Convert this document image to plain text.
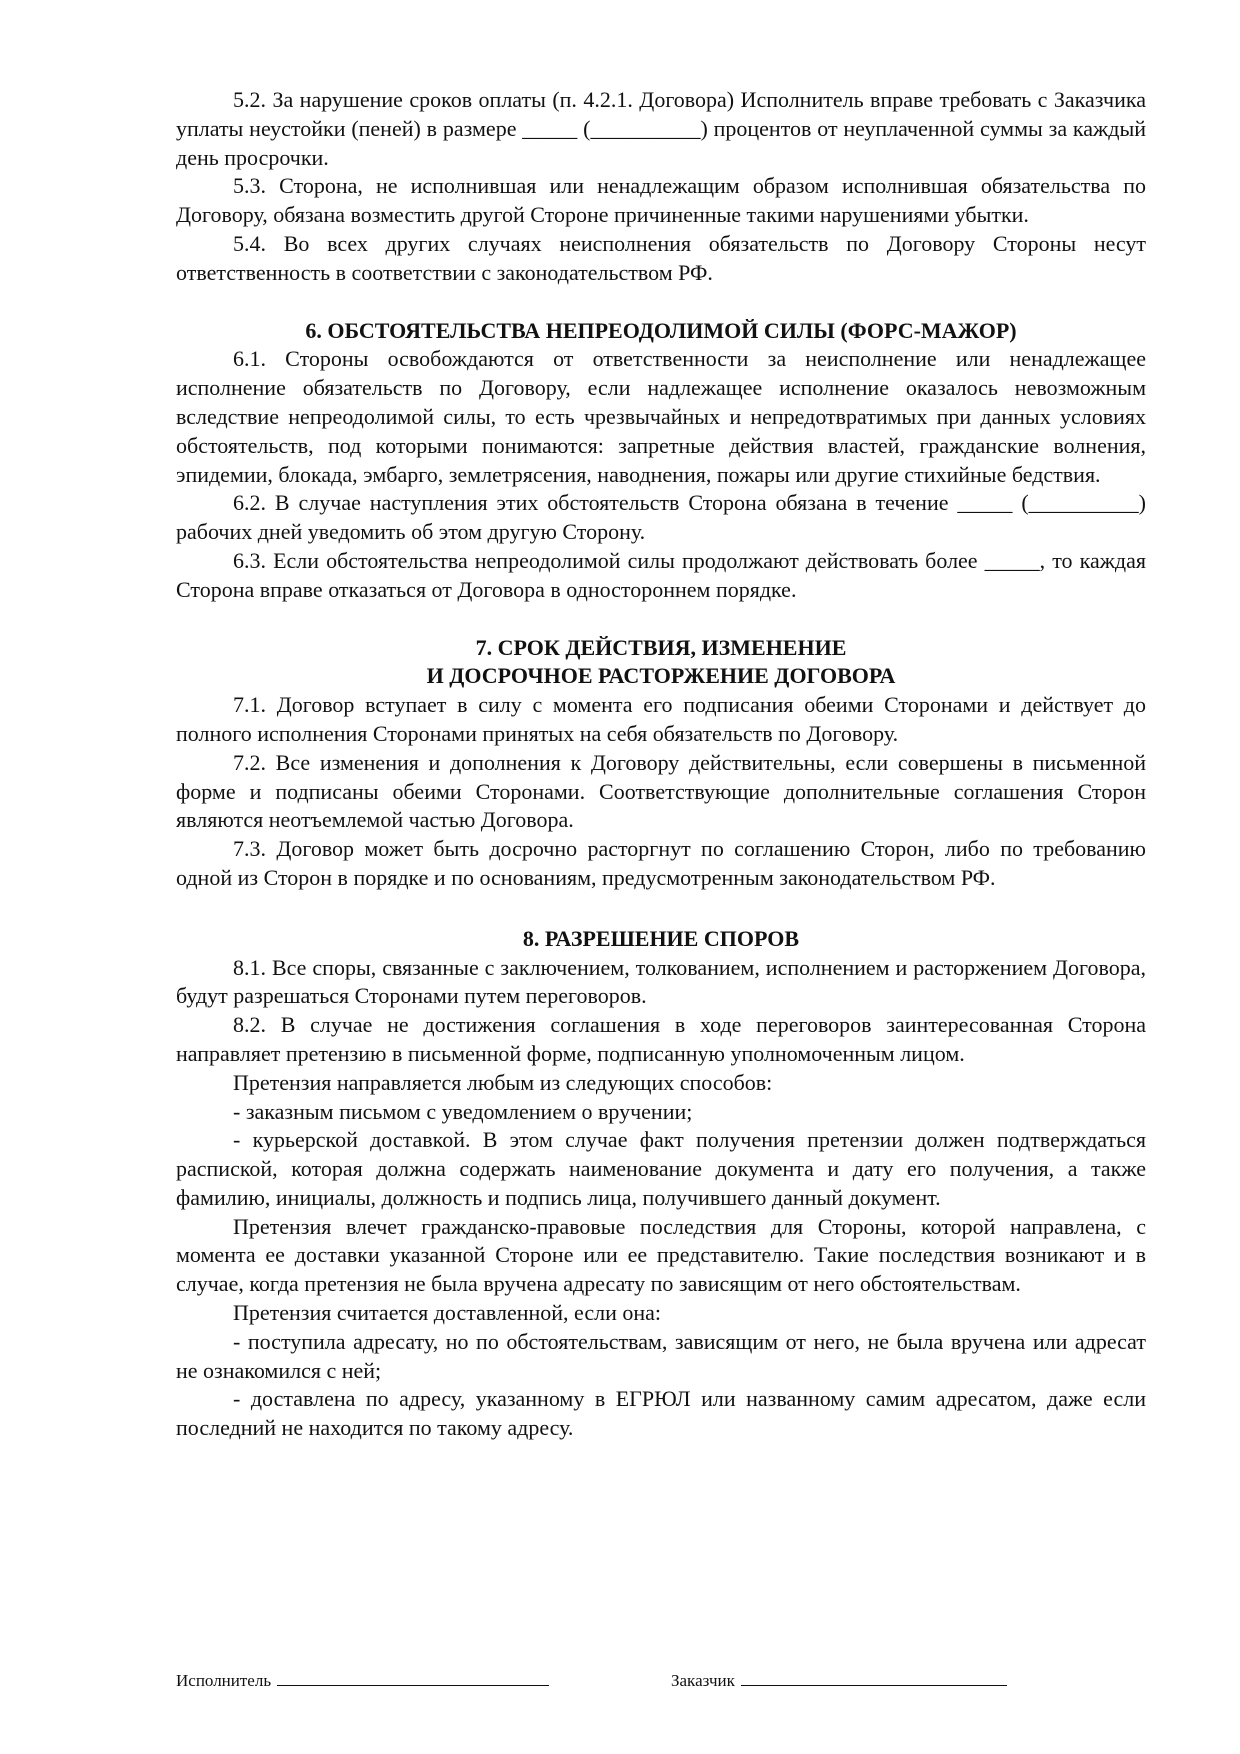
5.2. За нарушение сроков оплаты (п. 4.2.1. Договора) Исполнитель вправе требовать с Заказчика уплаты неустойки (пеней) в размере _____ (__________) процентов от неуплаченной суммы за каждый день просрочки.

5.3. Сторона, не исполнившая или ненадлежащим образом исполнившая обязательства по Договору, обязана возместить другой Стороне причиненные такими нарушениями убытки.

5.4. Во всех других случаях неисполнения обязательств по Договору Стороны несут ответственность в соответствии с законодательством РФ.

6. ОБСТОЯТЕЛЬСТВА НЕПРЕОДОЛИМОЙ СИЛЫ (ФОРС-МАЖОР)

6.1. Стороны освобождаются от ответственности за неисполнение или ненадлежащее исполнение обязательств по Договору, если надлежащее исполнение оказалось невозможным вследствие непреодолимой силы, то есть чрезвычайных и непредотвратимых при данных условиях обстоятельств, под которыми понимаются: запретные действия властей, гражданские волнения, эпидемии, блокада, эмбарго, землетрясения, наводнения, пожары или другие стихийные бедствия.

6.2. В случае наступления этих обстоятельств Сторона обязана в течение _____ (__________) рабочих дней уведомить об этом другую Сторону.

6.3. Если обстоятельства непреодолимой силы продолжают действовать более _____, то каждая Сторона вправе отказаться от Договора в одностороннем порядке.

7. СРОК ДЕЙСТВИЯ, ИЗМЕНЕНИЕ

И ДОСРОЧНОЕ РАСТОРЖЕНИЕ ДОГОВОРА

7.1. Договор вступает в силу с момента его подписания обеими Сторонами и действует до полного исполнения Сторонами принятых на себя обязательств по Договору.

7.2. Все изменения и дополнения к Договору действительны, если совершены в письменной форме и подписаны обеими Сторонами. Соответствующие дополнительные соглашения Сторон являются неотъемлемой частью Договора.

7.3. Договор может быть досрочно расторгнут по соглашению Сторон, либо по требованию одной из Сторон в порядке и по основаниям, предусмотренным законодательством РФ.

8. РАЗРЕШЕНИЕ СПОРОВ

8.1. Все споры, связанные с заключением, толкованием, исполнением и расторжением Договора, будут разрешаться Сторонами путем переговоров.

8.2. В случае не достижения соглашения в ходе переговоров заинтересованная Сторона направляет претензию в письменной форме, подписанную уполномоченным лицом.

Претензия направляется любым из следующих способов:

- заказным письмом с уведомлением о вручении;

- курьерской доставкой. В этом случае факт получения претензии должен подтверждаться распиской, которая должна содержать наименование документа и дату его получения, а также фамилию, инициалы, должность и подпись лица, получившего данный документ.

Претензия влечет гражданско-правовые последствия для Стороны, которой направлена, с момента ее доставки указанной Стороне или ее представителю. Такие последствия возникают и в случае, когда претензия не была вручена адресату по зависящим от него обстоятельствам.

Претензия считается доставленной, если она:

- поступила адресату, но по обстоятельствам, зависящим от него, не была вручена или адресат не ознакомился с ней;

- доставлена по адресу, указанному в ЕГРЮЛ или названному самим адресатом, даже если последний не находится по такому адресу.

Исполнитель	Заказчик
